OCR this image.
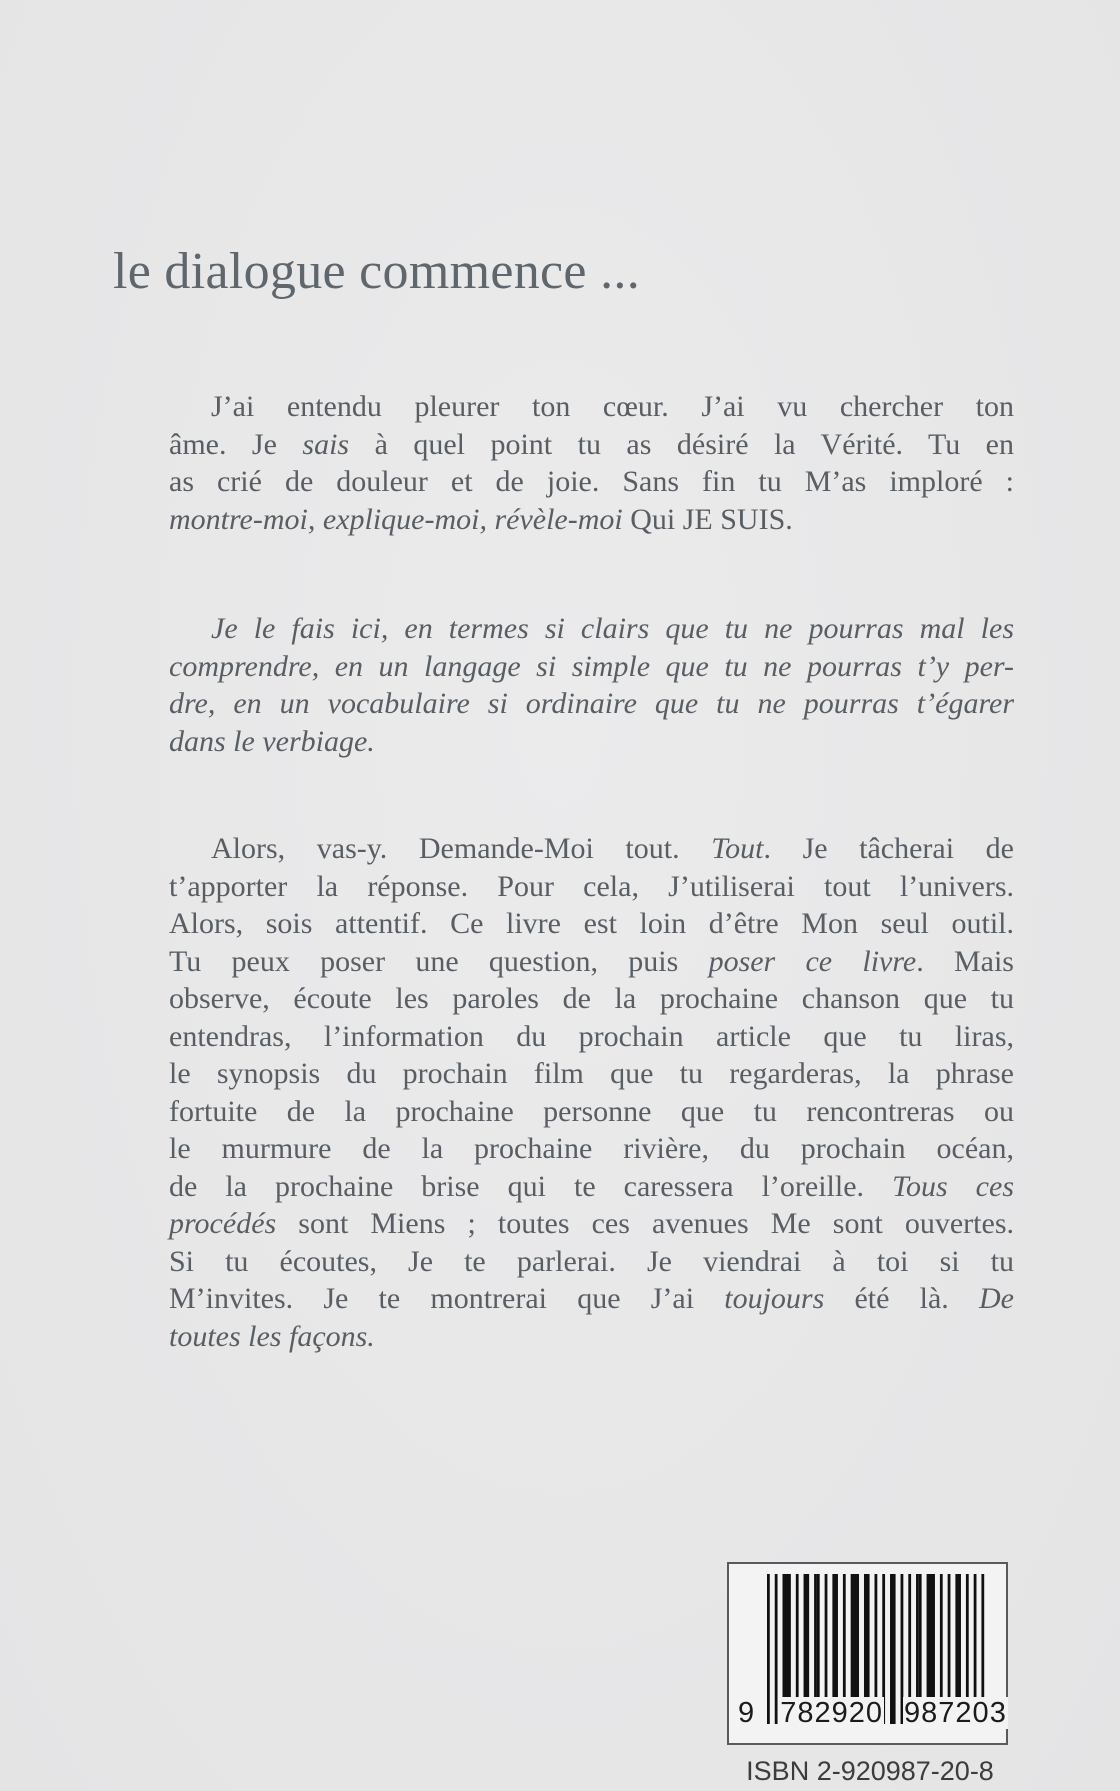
le dialogue commence ...
J’ai entendu pleurer ton cœur. J’ai vu chercher ton
âme. Je sais à quel point tu as désiré la Vérité. Tu en
as crié de douleur et de joie. Sans fin tu M’as imploré :
montre-moi, explique-moi, révèle-moi Qui JE SUIS.
Je le fais ici, en termes si clairs que tu ne pourras mal les
comprendre, en un langage si simple que tu ne pourras t’y per-
dre, en un vocabulaire si ordinaire que tu ne pourras t’égarer
dans le verbiage.
Alors, vas-y. Demande-Moi tout. Tout. Je tâcherai de
t’apporter la réponse. Pour cela, J’utiliserai tout l’univers.
Alors, sois attentif. Ce livre est loin d’être Mon seul outil.
Tu peux poser une question, puis poser ce livre. Mais
observe, écoute les paroles de la prochaine chanson que tu
entendras, l’information du prochain article que tu liras,
le synopsis du prochain film que tu regarderas, la phrase
fortuite de la prochaine personne que tu rencontreras ou
le murmure de la prochaine rivière, du prochain océan,
de la prochaine brise qui te caressera l’oreille. Tous ces
procédés sont Miens ; toutes ces avenues Me sont ouvertes.
Si tu écoutes, Je te parlerai. Je viendrai à toi si tu
M’invites. Je te montrerai que J’ai toujours été là. De
toutes les façons.
9 782920 987203
ISBN 2-920987-20-8
